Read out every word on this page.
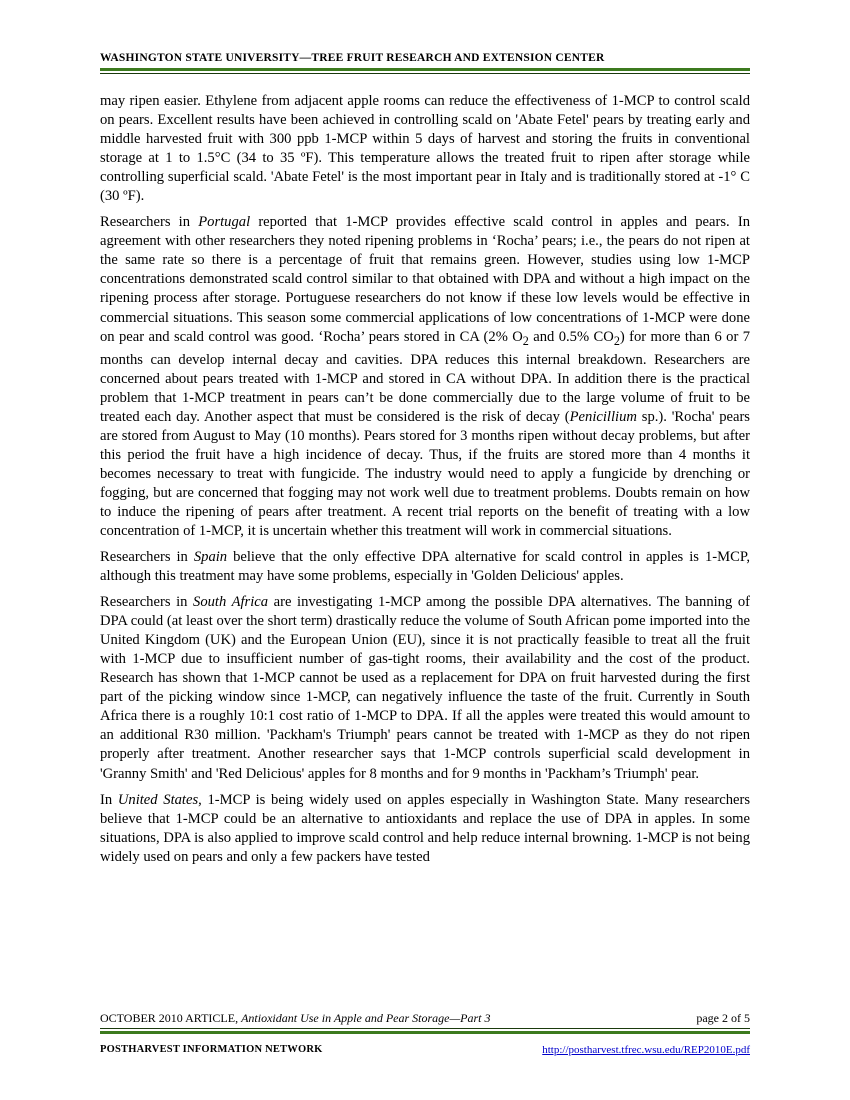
WASHINGTON STATE UNIVERSITY—TREE FRUIT RESEARCH AND EXTENSION CENTER

may ripen easier. Ethylene from adjacent apple rooms can reduce the effectiveness of 1-MCP to control scald on pears. Excellent results have been achieved in controlling scald on 'Abate Fetel' pears by treating early and middle harvested fruit with 300 ppb 1-MCP within 5 days of harvest and storing the fruits in conventional storage at 1 to 1.5°C (34 to 35 ºF). This temperature allows the treated fruit to ripen after storage while controlling superficial scald. 'Abate Fetel' is the most important pear in Italy and is traditionally stored at -1° C (30 ºF).

Researchers in Portugal reported that 1-MCP provides effective scald control in apples and pears. In agreement with other researchers they noted ripening problems in ‘Rocha’ pears; i.e., the pears do not ripen at the same rate so there is a percentage of fruit that remains green. However, studies using low 1-MCP concentrations demonstrated scald control similar to that obtained with DPA and without a high impact on the ripening process after storage. Portuguese researchers do not know if these low levels would be effective in commercial situations. This season some commercial applications of low concentrations of 1-MCP were done on pear and scald control was good. ‘Rocha’ pears stored in CA (2% $O_2$ and 0.5% $CO_2$) for more than 6 or 7 months can develop internal decay and cavities. DPA reduces this internal breakdown. Researchers are concerned about pears treated with 1-MCP and stored in CA without DPA. In addition there is the practical problem that 1-MCP treatment in pears can’t be done commercially due to the large volume of fruit to be treated each day. Another aspect that must be considered is the risk of decay (Penicillium sp.). 'Rocha' pears are stored from August to May (10 months). Pears stored for 3 months ripen without decay problems, but after this period the fruit have a high incidence of decay. Thus, if the fruits are stored more than 4 months it becomes necessary to treat with fungicide. The industry would need to apply a fungicide by drenching or fogging, but are concerned that fogging may not work well due to treatment problems. Doubts remain on how to induce the ripening of pears after treatment. A recent trial reports on the benefit of treating with a low concentration of 1-MCP, it is uncertain whether this treatment will work in commercial situations.

Researchers in Spain believe that the only effective DPA alternative for scald control in apples is 1-MCP, although this treatment may have some problems, especially in 'Golden Delicious' apples.

Researchers in South Africa are investigating 1-MCP among the possible DPA alternatives. The banning of DPA could (at least over the short term) drastically reduce the volume of South African pome imported into the United Kingdom (UK) and the European Union (EU), since it is not practically feasible to treat all the fruit with 1-MCP due to insufficient number of gas-tight rooms, their availability and the cost of the product. Research has shown that 1-MCP cannot be used as a replacement for DPA on fruit harvested during the first part of the picking window since 1-MCP, can negatively influence the taste of the fruit. Currently in South Africa there is a roughly 10:1 cost ratio of 1-MCP to DPA. If all the apples were treated this would amount to an additional R30 million. 'Packham's Triumph' pears cannot be treated with 1-MCP as they do not ripen properly after treatment. Another researcher says that 1-MCP controls superficial scald development in 'Granny Smith' and 'Red Delicious' apples for 8 months and for 9 months in 'Packham’s Triumph' pear.

In United States, 1-MCP is being widely used on apples especially in Washington State. Many researchers believe that 1-MCP could be an alternative to antioxidants and replace the use of DPA in apples. In some situations, DPA is also applied to improve scald control and help reduce internal browning. 1-MCP is not being widely used on pears and only a few packers have tested

OCTOBER 2010 ARTICLE, Antioxidant Use in Apple and Pear Storage—Part 3	page 2 of 5
POSTHARVEST INFORMATION NETWORK	http://postharvest.tfrec.wsu.edu/REP2010E.pdf
